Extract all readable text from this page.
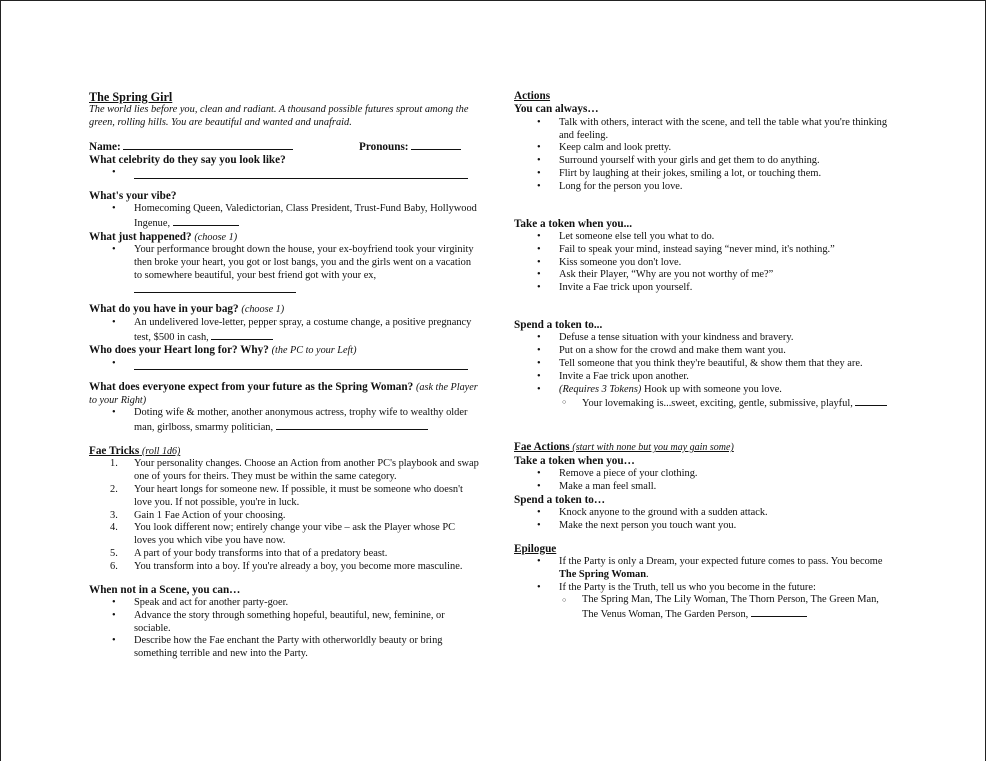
The Spring Girl
The world lies before you, clean and radiant. A thousand possible futures sprout among the green, rolling hills. You are beautiful and wanted and unafraid.
Name:	Pronouns:
What celebrity do they say you look like?
•
What's your vibe?
• Homecoming Queen, Valedictorian, Class President, Trust-Fund Baby, Hollywood Ingenue,
What just happened? (choose 1)
• Your performance brought down the house, your ex-boyfriend took your virginity then broke your heart, you got or lost bangs, you and the girls went on a vacation to somewhere beautiful, your best friend got with your ex,

What do you have in your bag? (choose 1)
• An undelivered love-letter, pepper spray, a costume change, a positive pregnancy test, $500 in cash,
Who does your Heart long for? Why? (the PC to your Left)
•
What does everyone expect from your future as the Spring Woman? (ask the Player to your Right)
• Doting wife & mother, another anonymous actress, trophy wife to wealthy older man, girlboss, smarmy politician,
Fae Tricks (roll 1d6)
1. Your personality changes. Choose an Action from another PC's playbook and swap one of yours for theirs. They must be within the same category.
2. Your heart longs for someone new. If possible, it must be someone who doesn't love you. If not possible, you're in luck.
3. Gain 1 Fae Action of your choosing.
4. You look different now; entirely change your vibe – ask the Player whose PC loves you which vibe you have now.
5. A part of your body transforms into that of a predatory beast.
6. You transform into a boy. If you're already a boy, you become more masculine.
When not in a Scene, you can…
• Speak and act for another party-goer.
• Advance the story through something hopeful, beautiful, new, feminine, or sociable.
• Describe how the Fae enchant the Party with otherworldly beauty or bring something terrible and new into the Party.
Actions
You can always…
• Talk with others, interact with the scene, and tell the table what you're thinking and feeling.
• Keep calm and look pretty.
• Surround yourself with your girls and get them to do anything.
• Flirt by laughing at their jokes, smiling a lot, or touching them.
• Long for the person you love.
Take a token when you...
• Let someone else tell you what to do.
• Fail to speak your mind, instead saying “never mind, it's nothing.”
• Kiss someone you don't love.
• Ask their Player, “Why are you not worthy of me?”
• Invite a Fae trick upon yourself.
Spend a token to...
• Defuse a tense situation with your kindness and bravery.
• Put on a show for the crowd and make them want you.
• Tell someone that you think they're beautiful, & show them that they are.
• Invite a Fae trick upon another.
• (Requires 3 Tokens) Hook up with someone you love.
○ Your lovemaking is...sweet, exciting, gentle, submissive, playful,
Fae Actions (start with none but you may gain some)
Take a token when you…
• Remove a piece of your clothing.
• Make a man feel small.
Spend a token to…
• Knock anyone to the ground with a sudden attack.
• Make the next person you touch want you.
Epilogue
• If the Party is only a Dream, your expected future comes to pass. You become The Spring Woman.
• If the Party is the Truth, tell us who you become in the future:
○ The Spring Man, The Lily Woman, The Thorn Person, The Green Man, The Venus Woman, The Garden Person,
